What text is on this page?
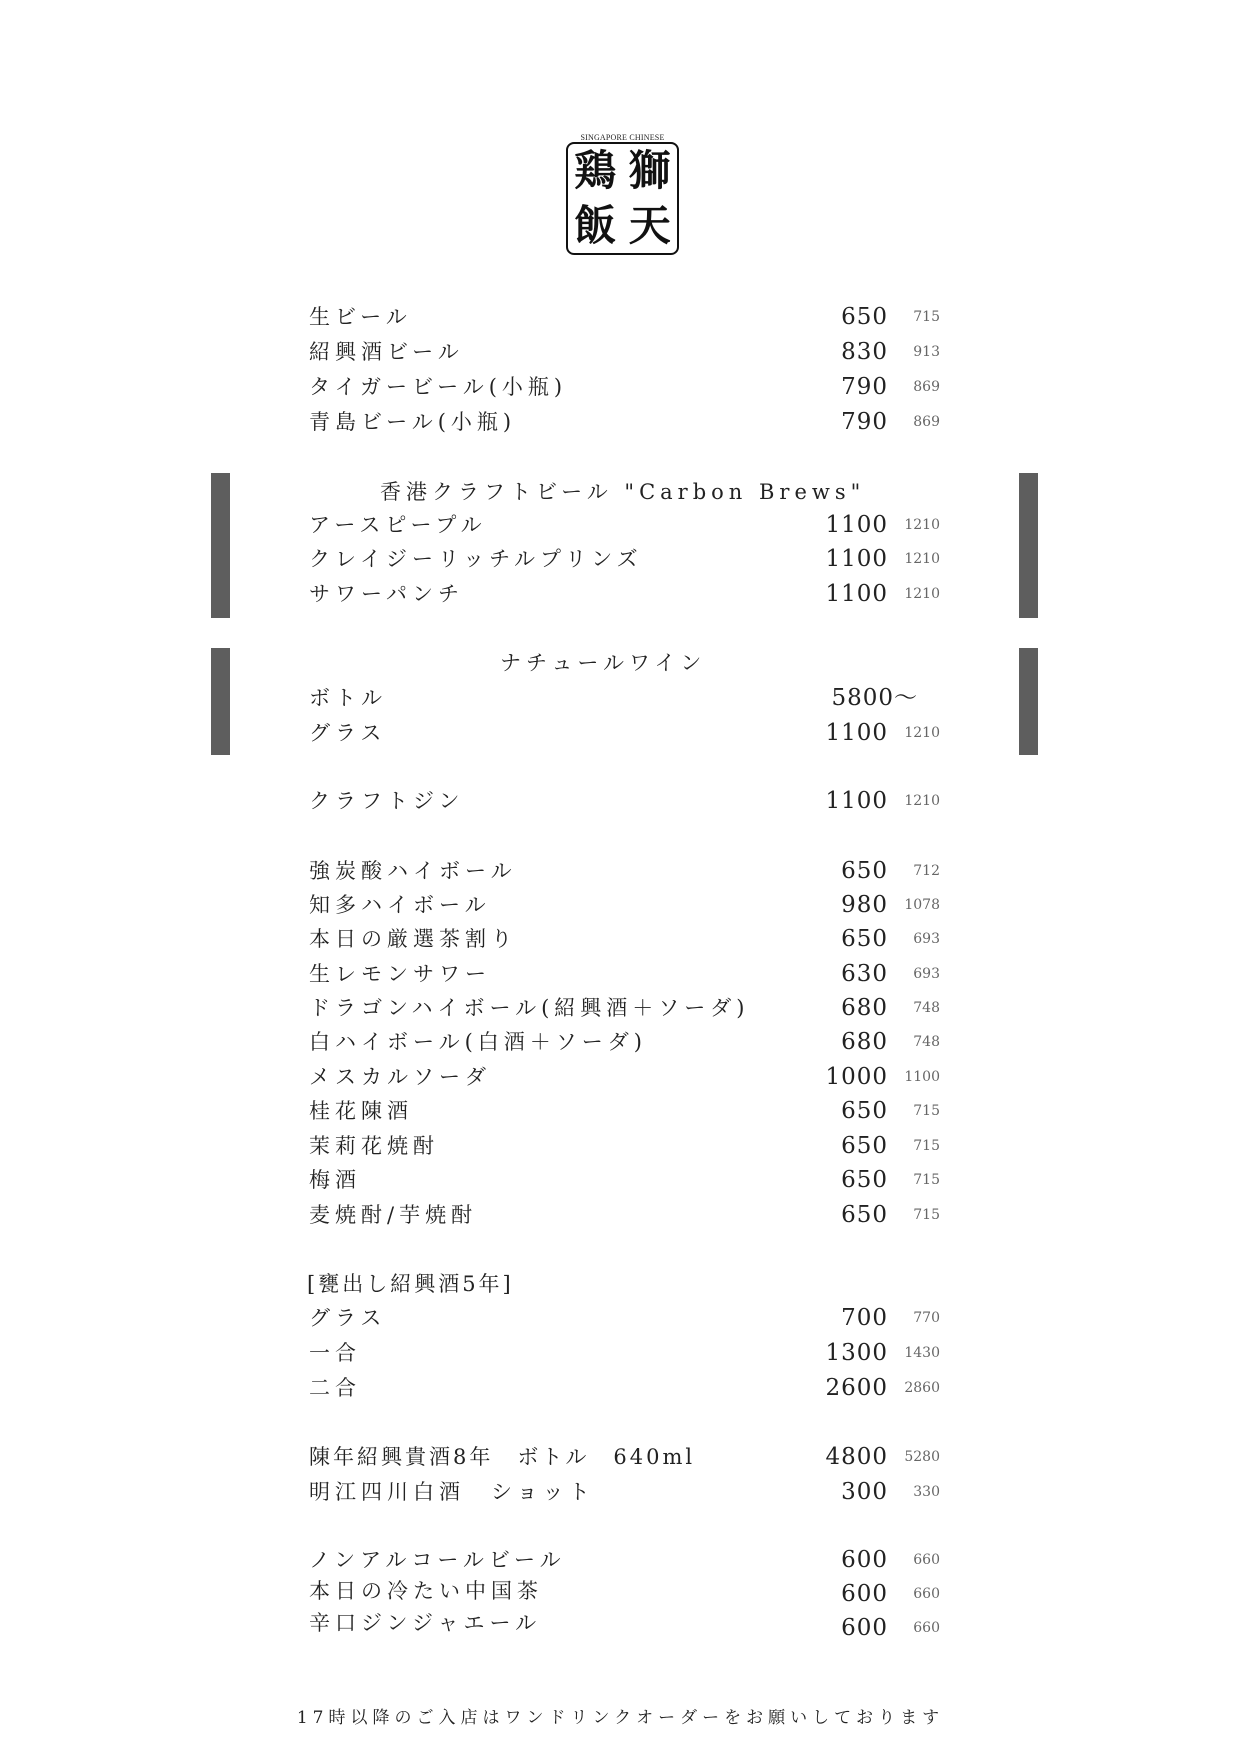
SINGAPORE CHINESE
鶏 獅
飯 天
生ビール	650 715
紹興酒ビール	830 913
タイガービール(小瓶)	790 869
青島ビール(小瓶)	790 869
香港クラフトビール "Carbon Brews"
アースピープル	1100 1210
クレイジーリッチルプリンズ	1100 1210
サワーパンチ	1100 1210
ナチュールワイン
ボトル	5800～
グラス	1100 1210
クラフトジン	1100 1210
強炭酸ハイボール	650 712
知多ハイボール	980 1078
本日の厳選茶割り	650 693
生レモンサワー	630 693
ドラゴンハイボール(紹興酒＋ソーダ)	680 748
白ハイボール(白酒＋ソーダ)	680 748
メスカルソーダ	1000 1100
桂花陳酒	650 715
茉莉花焼酎	650 715
梅酒	650 715
麦焼酎/芋焼酎	650 715
[甕出し紹興酒5年]
グラス	700 770
一合	1300 1430
二合	2600 2860
陳年紹興貴酒8年　ボトル　640ml	4800 5280
明江四川白酒　ショット	300 330
ノンアルコールビール	600 660
本日の冷たい中国茶	600 660
辛口ジンジャエール	600 660
17時以降のご入店はワンドリンクオーダーをお願いしております
